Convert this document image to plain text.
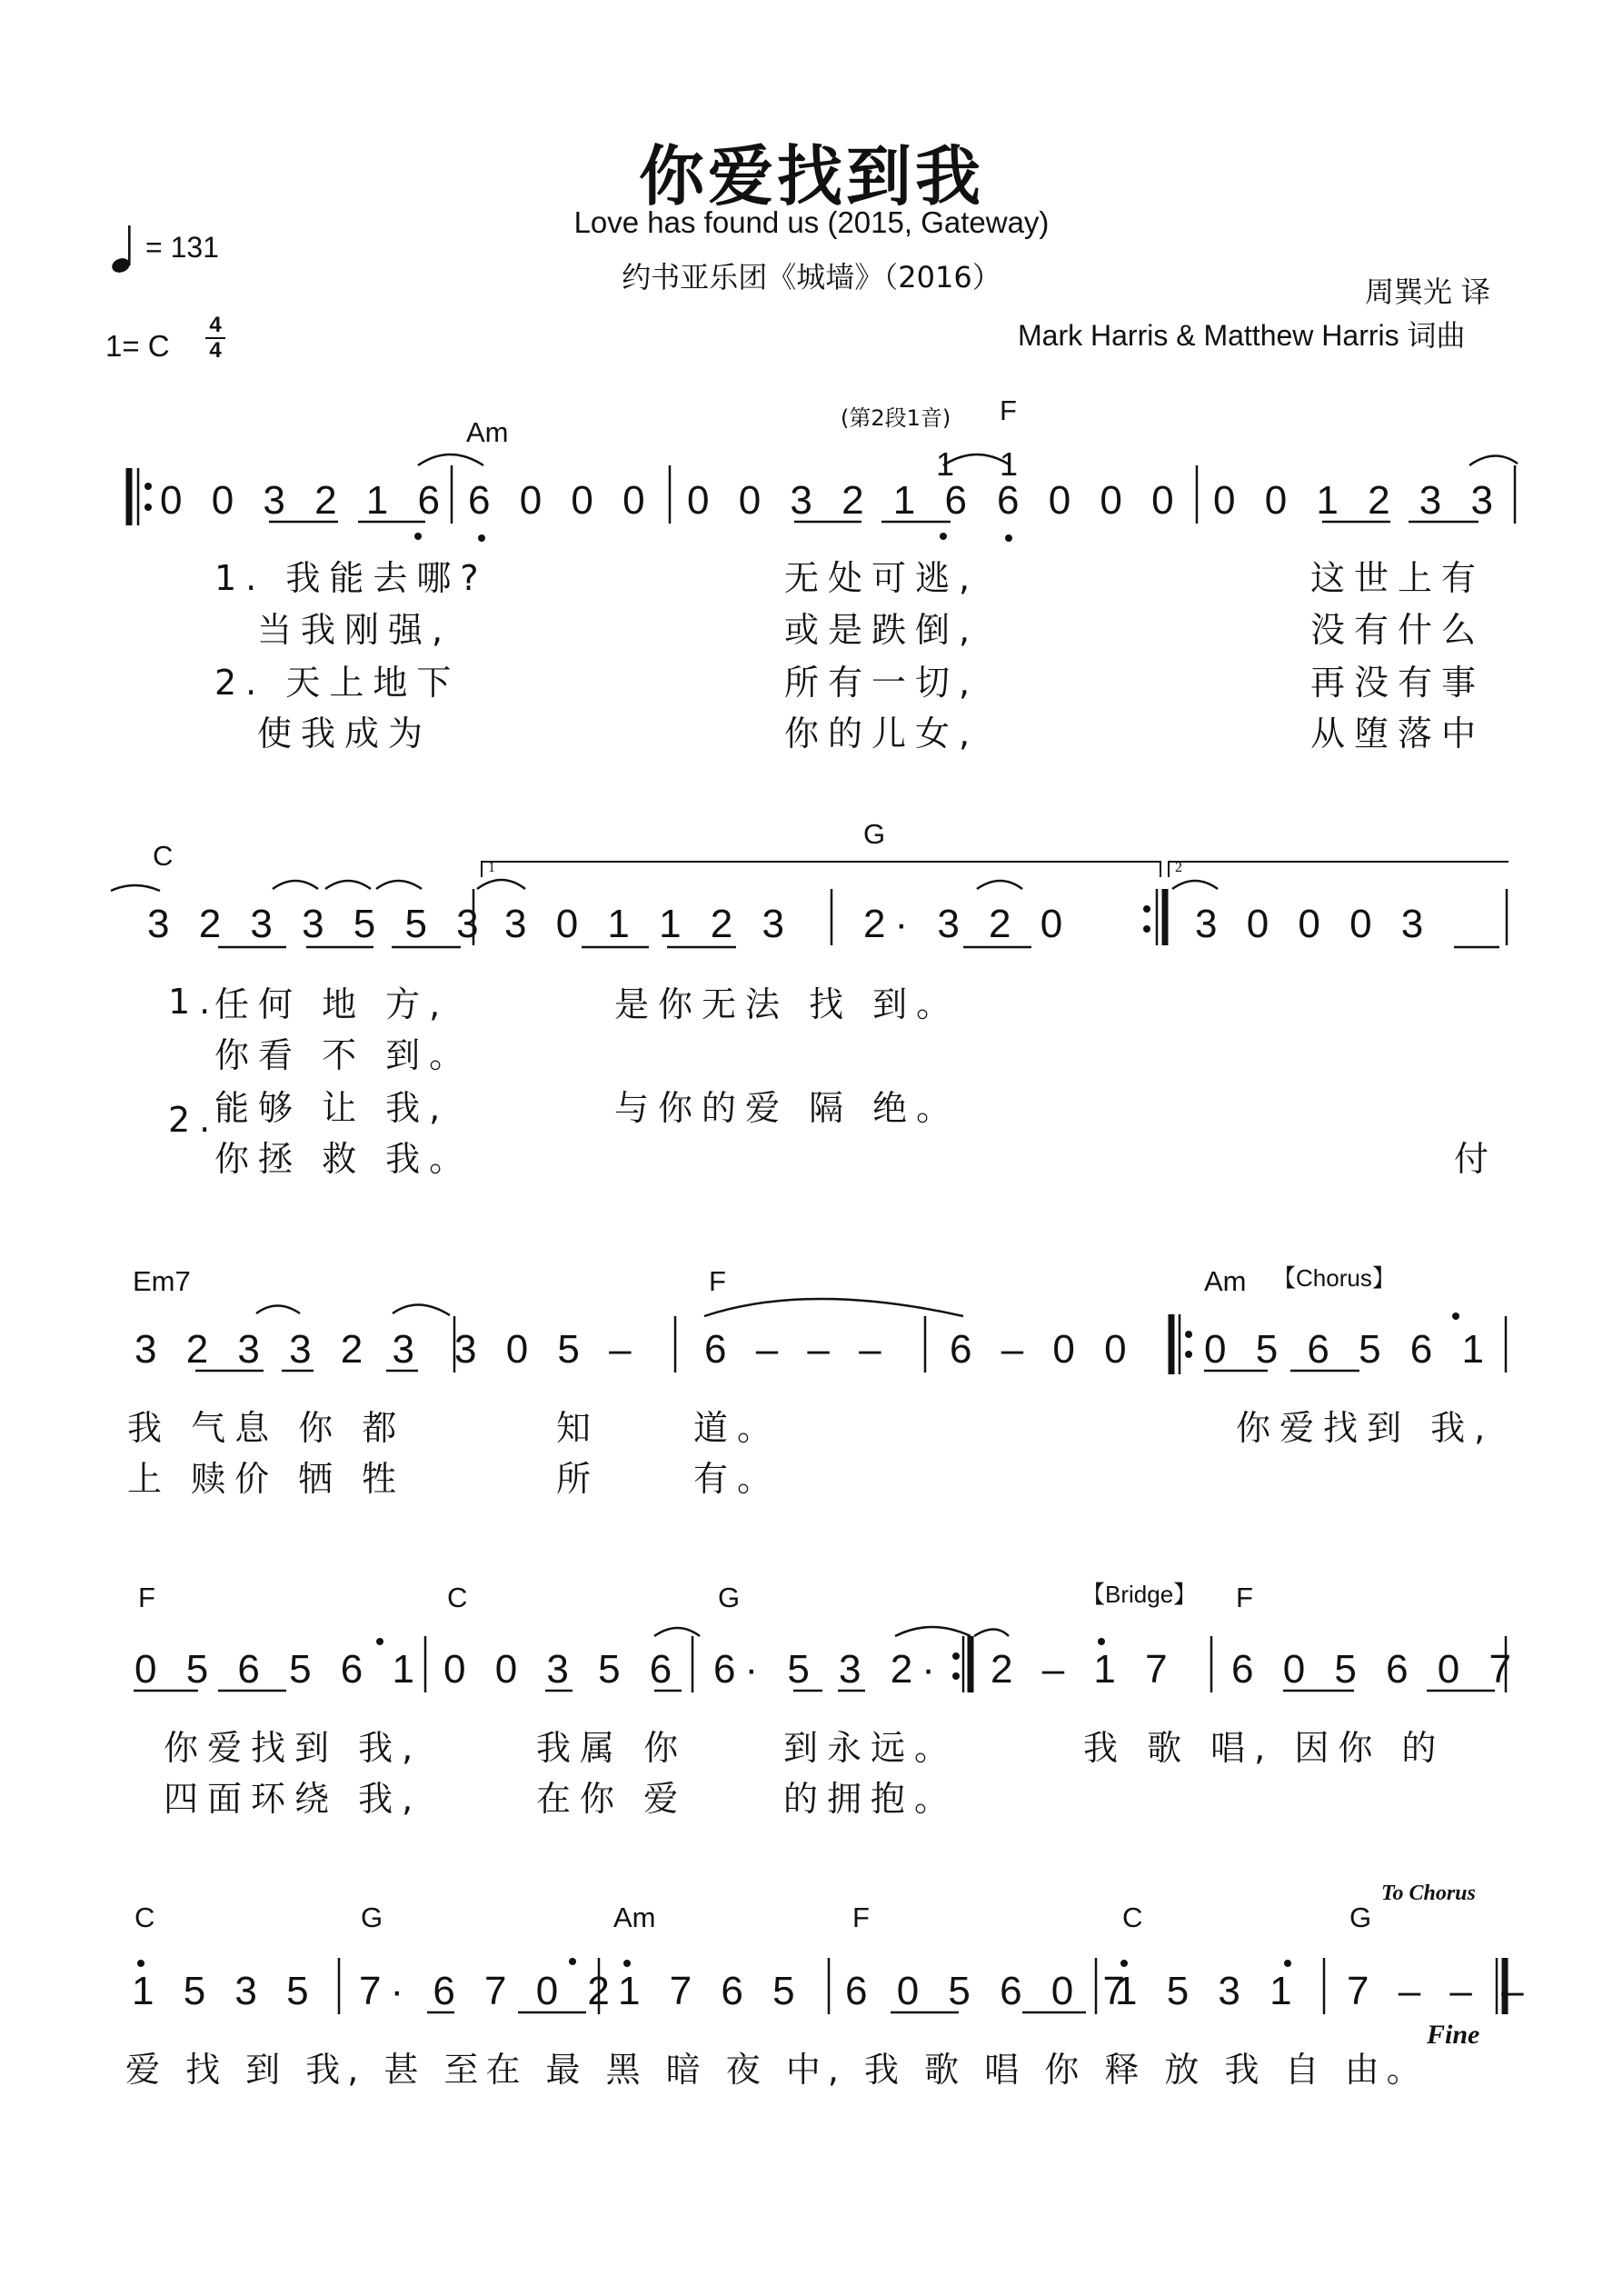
你爱找到我
Love has found us (2015, Gateway)
约书亚乐团《城墙》（2016）
= 131
1= C
4
4
周巽光 译
Mark Harris & Matthew Harris 词曲
Am	(第2段1音) F
1 1
0 0 3 2 1 6 6 0 0 0 0 0 3 2 1 6 6 0 0 0 0 0 1 2 3 3
1. 我能去哪?	无处可逃,	这世上有
当我刚强,	或是跌倒,	没有什么
2. 天上地下	所有一切,	再没有事
使我成为	你的儿女,	从堕落中
C
G
1	2
3 2 3 3 5 5 3 3 0 1 1 2 3 2· 3 2 0	3 0 0 0 3
1.
2.
任何 地 方,	是你无法 找 到。
你看 不 到。
能够 让 我,	与你的爱 隔 绝。
你拯 救 我。	付
Em7	F	Am 【Chorus】
3 2 3 3 2 3 3 0 5 – 6 – – – 6 – 0 0 0 5 6 5 6 1
我 气息 你 都	知	道。	你爱找到 我,
上 赎价 牺 牲	所	有。
F	C	G	【Bridge】 F
0 5 6 5 6 1 0 0 3 5 6 6· 5 3 2· 2 – 1 7 6 0 5 6 0 7
你爱找到 我,	我属 你	到永远。	我 歌 唱, 因你 的
四面环绕 我,	在你 爱	的拥抱。
C	G	Am	F	C	G
To Chorus
1 5 3 5 7· 6 7 0 2 1 7 6 5 6 0 5 6 0 7
1 5 3 1 7 – – –
Fine
爱 找 到 我, 甚 至在 最 黑 暗 夜 中, 我 歌 唱 你 释 放 我 自 由。
